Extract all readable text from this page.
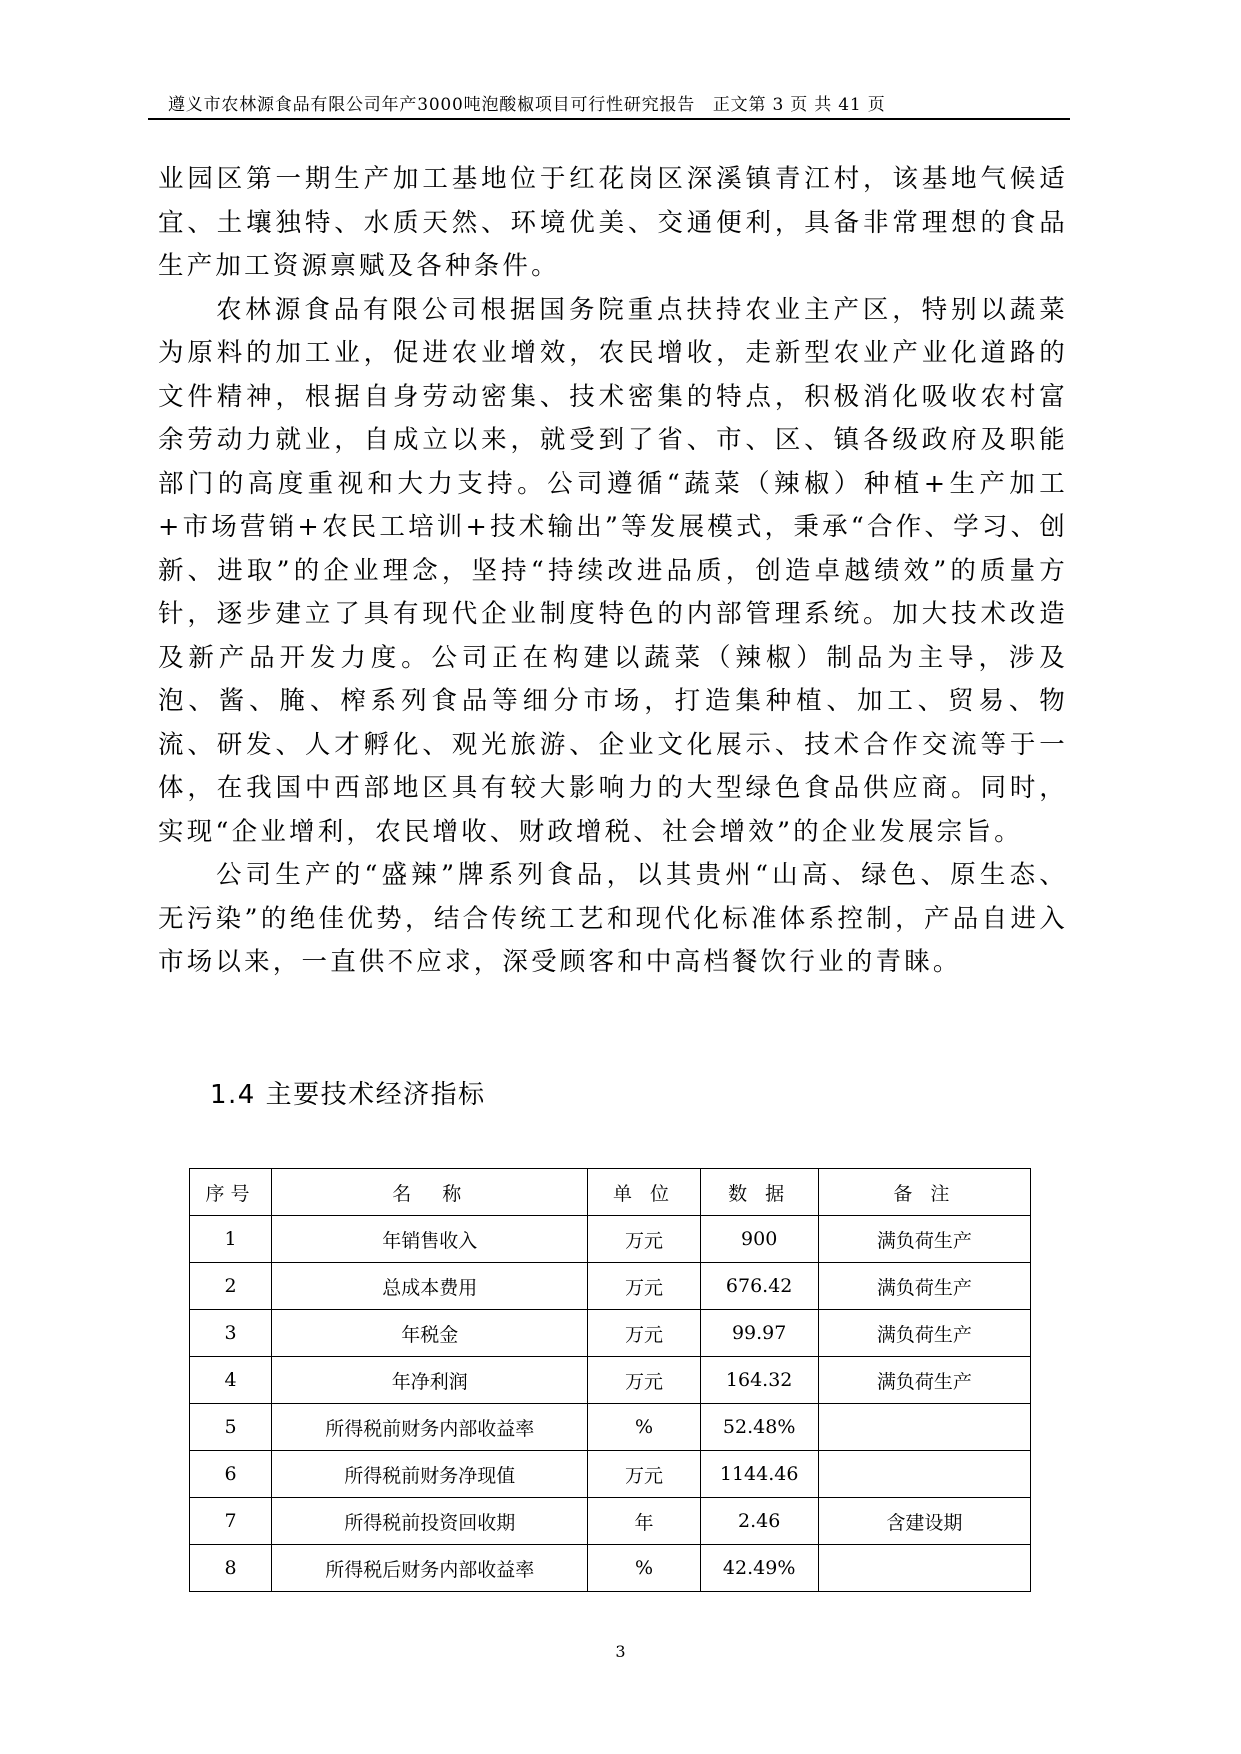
遵义市农林源食品有限公司年产3000吨泡酸椒项目可行性研究报告　正文第 3 页 共 41 页

业园区第一期生产加工基地位于红花岗区深溪镇青江村，该基地气候适宜、土壤独特、水质天然、环境优美、交通便利，具备非常理想的食品生产加工资源禀赋及各种条件。

农林源食品有限公司根据国务院重点扶持农业主产区，特别以蔬菜为原料的加工业，促进农业增效，农民增收，走新型农业产业化道路的文件精神，根据自身劳动密集、技术密集的特点，积极消化吸收农村富余劳动力就业，自成立以来，就受到了省、市、区、镇各级政府及职能部门的高度重视和大力支持。公司遵循“蔬菜（辣椒）种植+生产加工+市场营销+农民工培训+技术输出”等发展模式，秉承“合作、学习、创新、进取”的企业理念，坚持“持续改进品质，创造卓越绩效”的质量方针，逐步建立了具有现代企业制度特色的内部管理系统。加大技术改造及新产品开发力度。公司正在构建以蔬菜（辣椒）制品为主导，涉及泡、酱、腌、榨系列食品等细分市场，打造集种植、加工、贸易、物流、研发、人才孵化、观光旅游、企业文化展示、技术合作交流等于一体，在我国中西部地区具有较大影响力的大型绿色食品供应商。同时，实现“企业增利，农民增收、财政增税、社会增效”的企业发展宗旨。

公司生产的“盛辣”牌系列食品，以其贵州“山高、绿色、原生态、无污染”的绝佳优势，结合传统工艺和现代化标准体系控制，产品自进入市场以来，一直供不应求，深受顾客和中高档餐饮行业的青睐。

1.4 主要技术经济指标
序号	名　称	单 位	数 据	备 注
1	年销售收入	万元	900	满负荷生产
2	总成本费用	万元	676.42	满负荷生产
3	年税金	万元	99.97	满负荷生产
4	年净利润	万元	164.32	满负荷生产
5	所得税前财务内部收益率	%	52.48%	
6	所得税前财务净现值	万元	1144.46	
7	所得税前投资回收期	年	2.46	含建设期
8	所得税后财务内部收益率	%	42.49%	
3
